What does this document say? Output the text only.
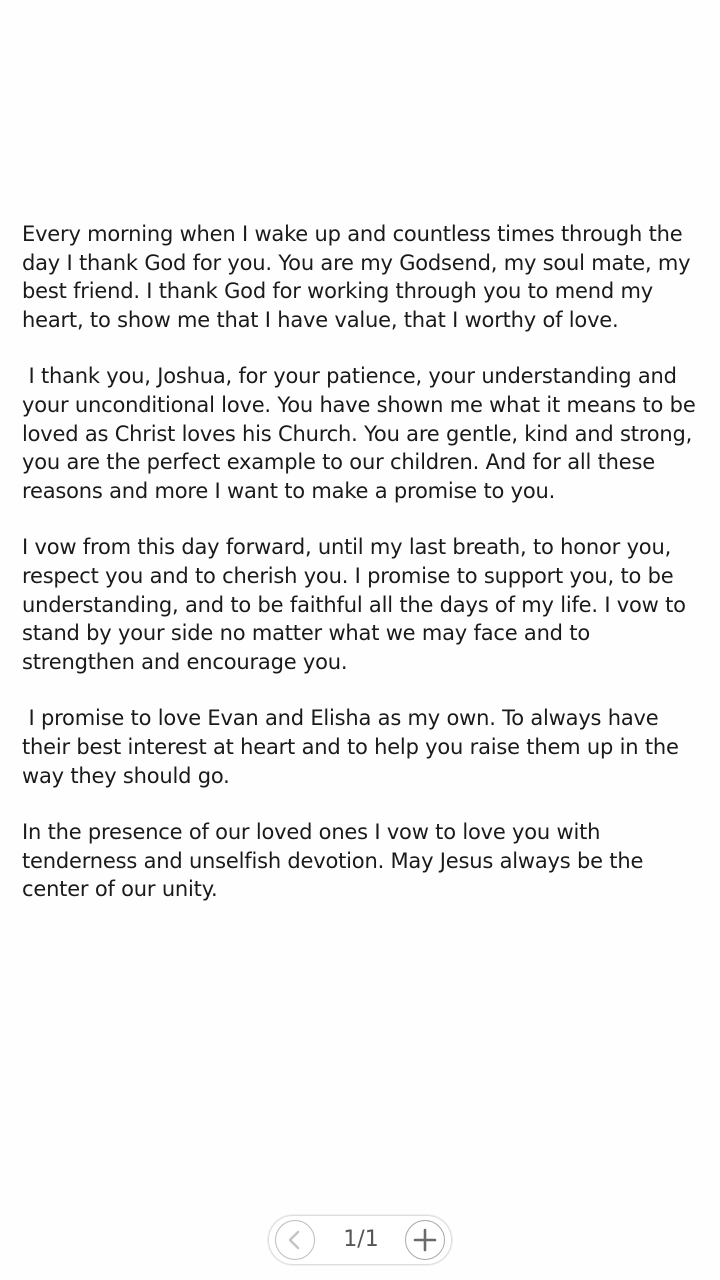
Every morning when I wake up and countless times through the day I thank God for you. You are my Godsend, my soul mate, my best friend. I thank God for working through you to mend my heart, to show me that I have value, that I worthy of love.

I thank you, Joshua, for your patience, your understanding and your unconditional love. You have shown me what it means to be loved as Christ loves his Church. You are gentle, kind and strong, you are the perfect example to our children. And for all these reasons and more I want to make a promise to you.

I vow from this day forward, until my last breath, to honor you, respect you and to cherish you. I promise to support you, to be understanding, and to be faithful all the days of my life. I vow to stand by your side no matter what we may face and to strengthen and encourage you.

I promise to love Evan and Elisha as my own. To always have their best interest at heart and to help you raise them up in the way they should go.

In the presence of our loved ones I vow to love you with tenderness and unselfish devotion. May Jesus always be the center of our unity.

1/1
